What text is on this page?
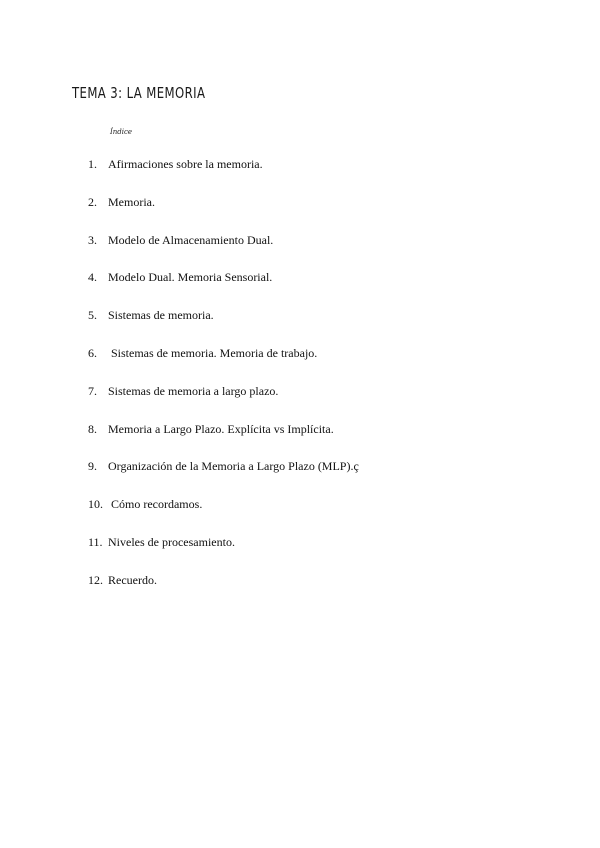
TEMA 3: LA MEMORIA
Índice
1. Afirmaciones sobre la memoria.
2. Memoria.
3. Modelo de Almacenamiento Dual.
4. Modelo Dual. Memoria Sensorial.
5. Sistemas de memoria.
6. Sistemas de memoria. Memoria de trabajo.
7. Sistemas de memoria a largo plazo.
8. Memoria a Largo Plazo. Explícita vs Implícita.
9. Organización de la Memoria a Largo Plazo (MLP).ç
10. Cómo recordamos.
11. Niveles de procesamiento.
12. Recuerdo.
